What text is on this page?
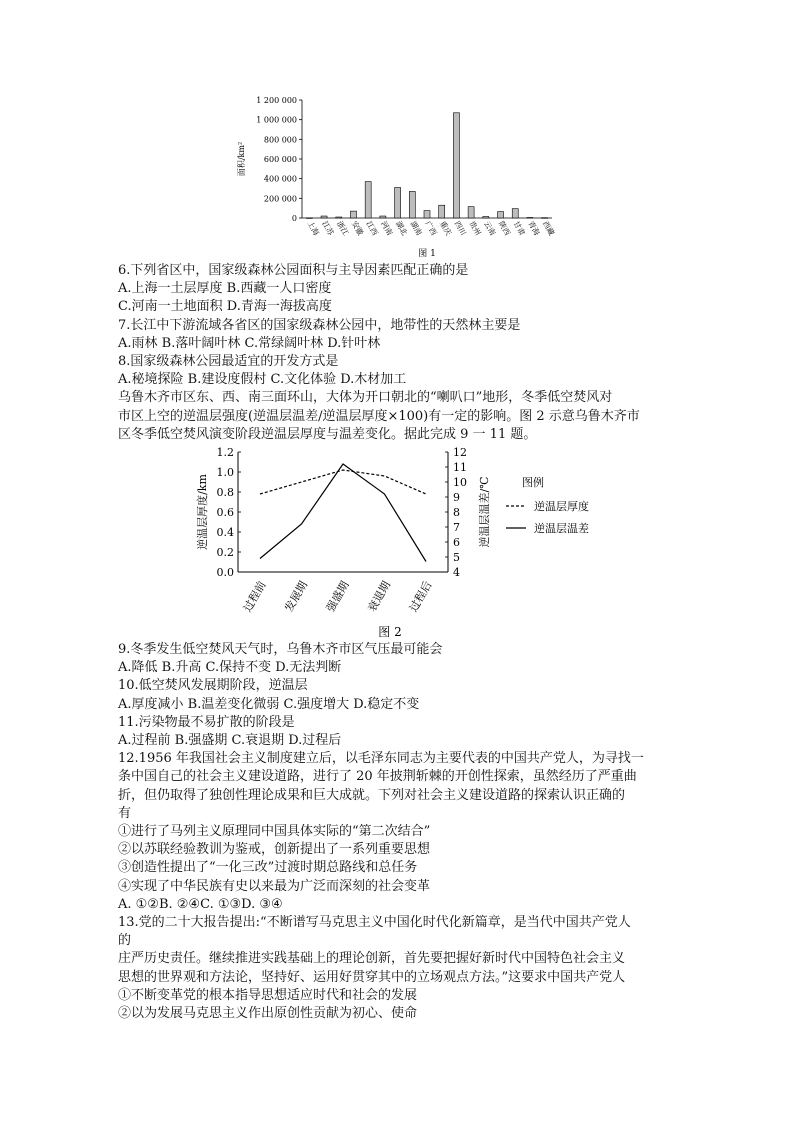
0
200 000
400 000
600 000
800 000
1 000 000
1 200 000
面积/km²
上海 江苏 浙江 安徽 江西 河南 湖北 湖南 广西 重庆 四川 贵州 云南 陕西 甘肃 青海 西藏
图 1

6.下列省区中，国家级森林公园面积与主导因素匹配正确的是

A.上海一土层厚度 B.西藏一人口密度

C.河南一土地面积 D.青海一海拔高度

7.长江中下游流域各省区的国家级森林公园中，地带性的天然林主要是

A.雨林 B.落叶阔叶林 C.常绿阔叶林 D.针叶林

8.国家级森林公园最适宜的开发方式是

A.秘境探险 B.建设度假村 C.文化体验 D.木材加工

乌鲁木齐市区东、西、南三面环山，大体为开口朝北的“喇叭口”地形，冬季低空焚风对

市区上空的逆温层强度(逆温层温差/逆温层厚度×100)有一定的影响。图 2 示意乌鲁木齐市

区冬季低空焚风演变阶段逆温层厚度与温差变化。据此完成 9 一 11 题。

0.0
0.2
0.4
0.6
0.8
1.0
1.2
4
5
6
7
8
9
10
11
12
逆温层厚度/km	逆温层温差/℃
过程前 发展期 强盛期 衰退期 过程后
图例
逆温层厚度
逆温层温差
图 2

9.冬季发生低空焚风天气时，乌鲁木齐市区气压最可能会

A.降低 B.升高 C.保持不变 D.无法判断

10.低空焚风发展期阶段，逆温层

A.厚度减小 B.温差变化微弱 C.强度增大 D.稳定不变

11.污染物最不易扩散的阶段是

A.过程前 B.强盛期 C.衰退期 D.过程后

12.1956 年我国社会主义制度建立后，以毛泽东同志为主要代表的中国共产党人，为寻找一

条中国自己的社会主义建设道路，进行了 20 年披荆斩棘的开创性探索，虽然经历了严重曲

折，但仍取得了独创性理论成果和巨大成就。下列对社会主义建设道路的探索认识正确的

有

①进行了马列主义原理同中国具体实际的“第二次结合”

②以苏联经验教训为鉴戒，创新提出了一系列重要思想

③创造性提出了“一化三改”过渡时期总路线和总任务

④实现了中华民族有史以来最为广泛而深刻的社会变革

A. ①②B. ②④C. ①③D. ③④

13.党的二十大报告提出:“不断谱写马克思主义中国化时代化新篇章，是当代中国共产党人

的

庄严历史责任。继续推进实践基础上的理论创新，首先要把握好新时代中国特色社会主义

思想的世界观和方法论，坚持好、运用好贯穿其中的立场观点方法。”这要求中国共产党人

①不断变革党的根本指导思想适应时代和社会的发展

②以为发展马克思主义作出原创性贡献为初心、使命
